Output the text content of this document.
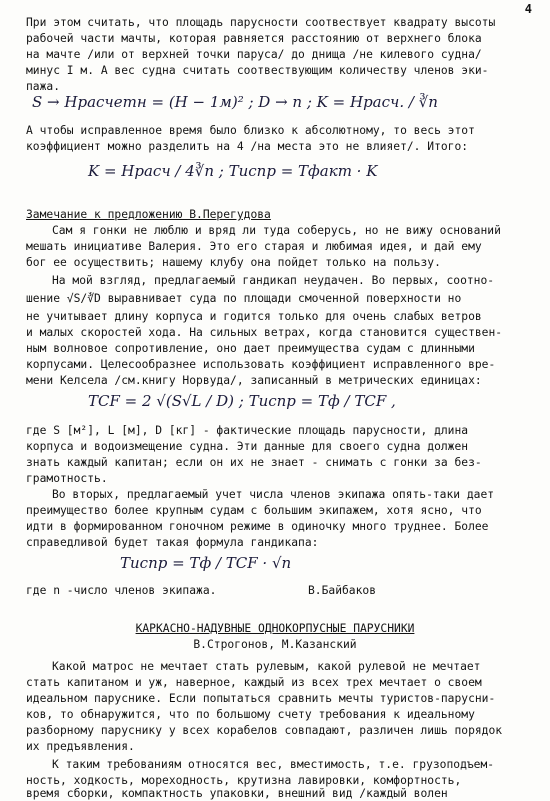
4
При этом считать, что площадь парусности соотвествует квадрату высоты
рабочей части мачты, которая равняется расстоянию от верхнего блока
на мачте /или от верхней точки паруса/ до днища /не килевого судна/
минус I м. А вес судна считать соотвествующим количеству членов эки-
пажа.
S → Hрасчетн = (H − 1м)² ; D → n ; K = Hрасч. / ∛n
А чтобы исправленное время было близко к абсолютному, то весь этот
коэффициент можно разделить на 4 /на места это не влияет/. Итого:
K = Hрасч / 4∛n ; Tиспр = Tфакт · K
Замечание к предложению В.Перегудова
Сам я гонки не люблю и вряд ли туда соберусь, но не вижу оснований
мешать инициативе Валерия. Это его старая и любимая идея, и дай ему
бог ее осуществить; нашему клубу она пойдет только на пользу.
На мой взгляд, предлагаемый гандикап неудачен. Во первых, соотно-
шение √S/∛D выравнивает суда по площади смоченной поверхности но
не учитывает длину корпуса и годится только для очень слабых ветров
и малых скоростей хода. На сильных ветрах, когда становится существен-
ным волновое сопротивление, оно дает преимущества судам с длинными
корпусами. Целесообразнее использовать коэффициент исправленного вре-
мени Келсела /см.книгу Норвуда/, записанный в метрических единицах:
TCF = 2 √(S√L / D) ; Tиспр = Tф / TCF ,
где S [м²], L [м], D [кг] - фактические площадь парусности, длина
корпуса и водоизмещение судна. Эти данные для своего судна должен
знать каждый капитан; если он их не знает - снимать с гонки за без-
грамотность.
Во вторых, предлагаемый учет числа членов экипажа опять-таки дает
преимущество более крупным судам с большим экипажем, хотя ясно, что
идти в формированном гоночном режиме в одиночку много труднее. Более
справедливой будет такая формула гандикапа:
Tиспр = Tф / TCF · √n
где n -число членов экипажа.	В.Байбаков
КАРКАСНО-НАДУВНЫЕ ОДНОКОРПУСНЫЕ ПАРУСНИКИ
В.Строгонов, М.Казанский
Какой матрос не мечтает стать рулевым, какой рулевой не мечтает
стать капитаном и уж, наверное, каждый из всех трех мечтает о своем
идеальном паруснике. Если попытаться сравнить мечты туристов-парусни-
ков, то обнаружится, что по большому счету требования к идеальному
разборному паруснику у всех корабелов совпадают, различен лишь порядок
их предъявления.
К таким требованиям относятся вес, вместимость, т.е. грузоподъем-
ность, ходкость, мореходность, крутизна лавировки, комфортность,
время сборки, компактность упаковки, внешний вид /каждый волен
